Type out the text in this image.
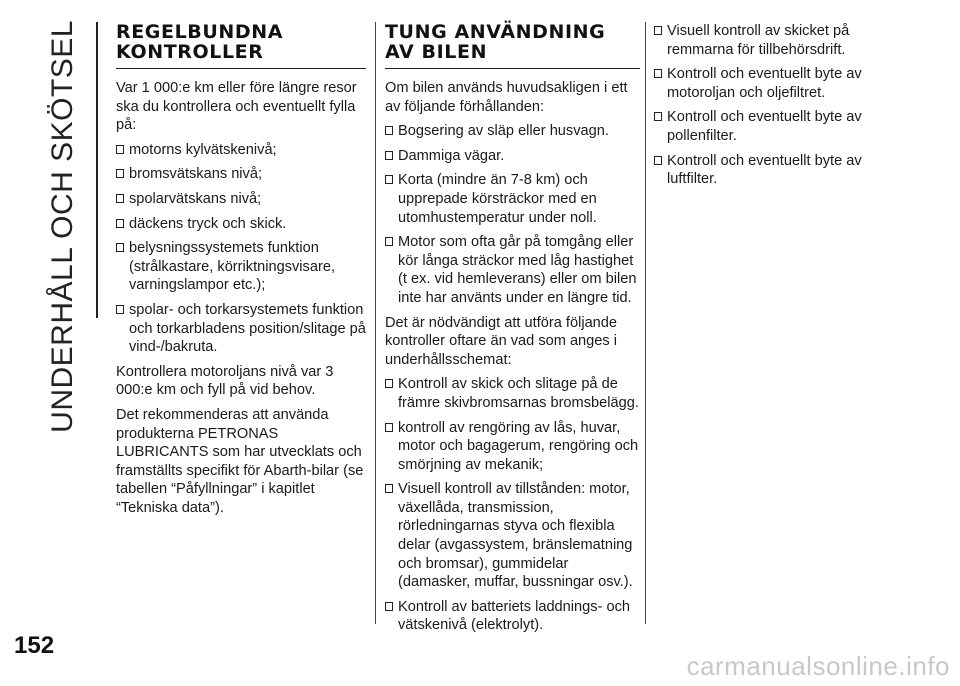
UNDERHÅLL OCH SKÖTSEL
152
REGELBUNDNA
KONTROLLER

Var 1 000:e km eller före längre resor ska du kontrollera och eventuellt fylla på:

motorns kylvätskenivå;
bromsvätskans nivå;
spolarvätskans nivå;
däckens tryck och skick.
belysningssystemets funktion (strålkastare, körriktningsvisare, varningslampor etc.);
spolar- och torkarsystemets funktion och torkarbladens position/slitage på vind-/bakruta.

Kontrollera motoroljans nivå var 3 000:e km och fyll på vid behov.

Det rekommenderas att använda produkterna PETRONAS LUBRICANTS som har utvecklats och framställts specifikt för Abarth-bilar (se tabellen “Påfyllningar” i kapitlet “Tekniska data”).

TUNG ANVÄNDNING
AV BILEN

Om bilen används huvudsakligen i ett av följande förhållanden:

Bogsering av släp eller husvagn.
Dammiga vägar.
Korta (mindre än 7-8 km) och upprepade körsträckor med en utomhustemperatur under noll.
Motor som ofta går på tomgång eller kör långa sträckor med låg hastighet (t ex. vid hemleverans) eller om bilen inte har använts under en längre tid.

Det är nödvändigt att utföra följande kontroller oftare än vad som anges i underhållsschemat:

Kontroll av skick och slitage på de främre skivbromsarnas bromsbelägg.
kontroll av rengöring av lås, huvar, motor och bagagerum, rengöring och smörjning av mekanik;
Visuell kontroll av tillstånden: motor, växellåda, transmission, rörledningarnas styva och flexibla delar (avgassystem, bränslematning och bromsar), gummidelar (damasker, muffar, bussningar osv.).
Kontroll av batteriets laddnings- och vätskenivå (elektrolyt).
Visuell kontroll av skicket på remmarna för tillbehörsdrift.
Kontroll och eventuellt byte av motoroljan och oljefiltret.
Kontroll och eventuellt byte av pollenfilter.
Kontroll och eventuellt byte av luftfilter.
carmanualsonline.info
